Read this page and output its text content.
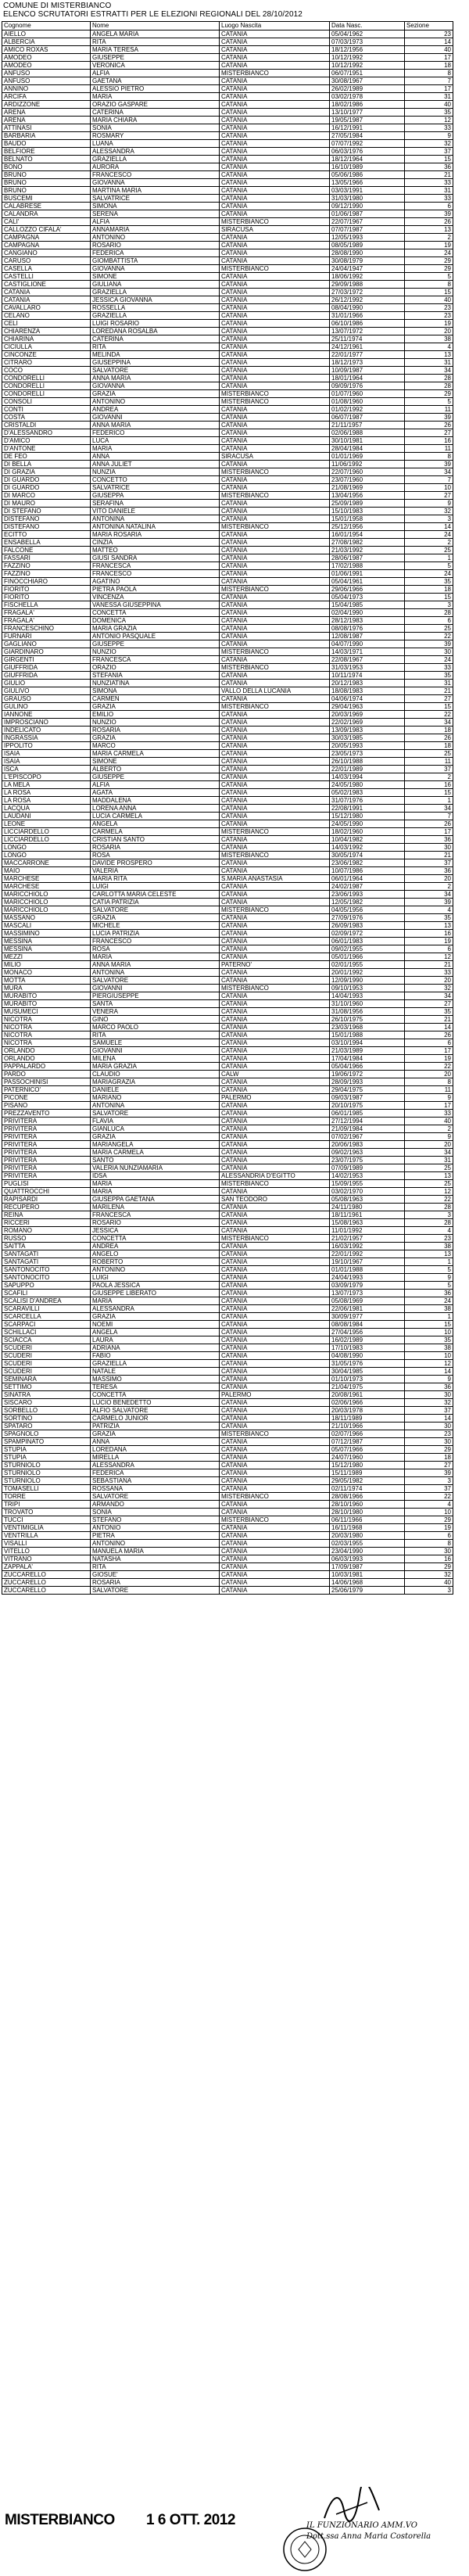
COMUNE DI MISTERBIANCO
ELENCO SCRUTATORI ESTRATTI PER LE ELEZIONI REGIONALI DEL 28/10/2012
Cognome	Nome	Luogo Nascita	Data Nasc.	Sezione
AIELLO	ANGELA MARIA	CATANIA	05/04/1962	23
ALBERCIA	RITA	CATANIA	07/03/1973	14
AMICO ROXAS	MARIA TERESA	CATANIA	18/12/1956	40
AMODEO	GIUSEPPE	CATANIA	10/12/1992	17
AMODEO	VERONICA	CATANIA	10/12/1992	18
ANFUSO	ALFIA	MISTERBIANCO	06/07/1951	8
ANFUSO	GAETANA	CATANIA	30/08/1967	7
ANNINO	ALESSIO PIETRO	CATANIA	26/02/1989	17
ARCIFA	MARIA	CATANIA	03/02/1978	31
ARDIZZONE	ORAZIO GASPARE	CATANIA	18/02/1986	40
ARENA	CATERINA	CATANIA	13/10/1977	35
ARENA	MARIA CHIARA	CATANIA	19/05/1987	12
ATTINASI	SONIA	CATANIA	16/12/1991	33
BARBARIA	ROSMARY	CATANIA	27/05/1984	9
BAUDO	LUANA	CATANIA	07/07/1992	32
BELFIORE	ALESSANDRA	CATANIA	06/03/1976	37
BELNATO	GRAZIELLA	CATANIA	18/12/1964	15
BONO	AURORA	CATANIA	16/10/1989	36
BRUNO	FRANCESCO	CATANIA	05/06/1986	21
BRUNO	GIOVANNA	CATANIA	13/05/1966	33
BRUNO	MARTINA MARIA	CATANIA	03/03/1991	31
BUSCEMI	SALVATRICE	CATANIA	31/03/1980	33
CALABRESE	SIMONA	CATANIA	09/12/1990	6
CALANDRA	SERENA	CATANIA	01/06/1987	39
CALI'	ALFIA	MISTERBIANCO	22/07/1967	26
CALLOZZO CIFALA'	ANNAMARIA	SIRACUSA	07/07/1987	13
CAMPAGNA	ANTONINO	CATANIA	12/05/1993	2
CAMPAGNA	ROSARIO	CATANIA	08/05/1989	19
CANGIANO	FEDERICA	CATANIA	28/08/1990	24
CARUSO	GIOMBATTISTA	CATANIA	30/08/1979	29
CASELLA	GIOVANNA	MISTERBIANCO	24/04/1947	29
CASTELLI	SIMONE	CATANIA	18/06/1992	5
CASTIGLIONE	GIULIANA	CATANIA	29/09/1988	8
CATANIA	GRAZIELLA	CATANIA	27/03/1972	15
CATANIA	JESSICA GIOVANNA	CATANIA	26/12/1992	40
CAVALLARO	ROSSELLA	CATANIA	08/04/1990	23
CELANO	GRAZIELLA	CATANIA	31/01/1966	23
CELI	LUIGI ROSARIO	CATANIA	06/10/1986	19
CHIARENZA	LOREDANA ROSALBA	CATANIA	13/07/1972	20
CHIARINA	CATERINA	CATANIA	25/11/1974	38
CICIULLA	RITA	CATANIA	24/12/1961	4
CINCONZE	MELINDA	CATANIA	22/01/1977	13
CITRARO	GIUSEPPINA	CATANIA	18/12/1973	31
COCO	SALVATORE	CATANIA	10/09/1987	34
CONDORELLI	ANNA MARIA	CATANIA	18/01/1964	28
CONDORELLI	GIOVANNA	CATANIA	09/09/1976	28
CONDORELLI	GRAZIA	MISTERBIANCO	01/07/1960	29
CONSOLI	ANTONINO	MISTERBIANCO	01/08/1960	5
CONTI	ANDREA	CATANIA	01/02/1992	11
COSTA	GIOVANNI	CATANIA	06/07/1987	39
CRISTALDI	ANNA MARIA	CATANIA	21/11/1957	26
D'ALESSANDRO	FEDERICO	CATANIA	02/06/1988	27
D'AMICO	LUCA	CATANIA	30/10/1981	16
D'ANTONE	MARIA	CATANIA	28/04/1984	11
DE FEO	ANNA	SIRACUSA	01/01/1969	8
DI BELLA	ANNA JULIET	CATANIA	11/06/1992	39
DI GRAZIA	NUNZIA	MISTERBIANCO	22/07/1960	34
DI GUARDO	CONCETTO	CATANIA	23/07/1960	7
DI GUARDO	SALVATRICE	CATANIA	21/08/1969	10
DI MARCO	GIUSEPPA	MISTERBIANCO	13/04/1956	27
DI MAURO	SERAFINA	CATANIA	25/09/1989	9
DI STEFANO	VITO DANIELE	CATANIA	15/10/1983	32
DISTEFANO	ANTONINA	CATANIA	15/01/1958	3
DISTEFANO	ANTONINA NATALINA	MISTERBIANCO	25/12/1956	14
ECITTO	MARIA ROSARIA	CATANIA	16/01/1954	24
ENSABELLA	CINZIA	CATANIA	27/08/1982	2
FALCONE	MATTEO	CATANIA	21/03/1992	25
FASSARI	GIUSI SANDRA	CATANIA	28/06/1987	1
FAZZINO	FRANCESCA	CATANIA	17/02/1988	5
FAZZINO	FRANCESCO	CATANIA	01/06/1991	24
FINOCCHIARO	AGATINO	CATANIA	05/04/1961	35
FIORITO	PIETRA PAOLA	MISTERBIANCO	29/06/1966	18
FIORITO	VINCENZA	CATANIA	05/04/1973	15
FISCHELLA	VANESSA GIUSEPPINA	CATANIA	15/04/1985	3
FRAGALA'	CONCETTA	CATANIA	02/04/1990	28
FRAGALA'	DOMENICA	CATANIA	28/12/1983	6
FRANCESCHINO	MARIA GRAZIA	CATANIA	08/08/1976	25
FURNARI	ANTONIO PASQUALE	CATANIA	12/08/1987	22
GAGLIANO	GIUSEPPE	CATANIA	04/07/1990	39
GIARDINARO	NUNZIO	MISTERBIANCO	14/03/1971	30
GIRGENTI	FRANCESCA	CATANIA	22/08/1967	24
GIUFFRIDA	ORAZIO	MISTERBIANCO	31/03/1953	33
GIUFFRIDA	STEFANIA	CATANIA	10/11/1974	35
GIULIO	NUNZIATINA	CATANIA	20/12/1983	31
GIULIVO	SIMONA	VALLO DELLA LUCANIA	18/08/1983	21
GRAUSO	CARMEN	CATANIA	04/06/1974	27
GULINO	GRAZIA	MISTERBIANCO	29/04/1963	15
IANNONE	EMILIO	CATANIA	20/03/1969	22
IMPROSCIANO	NUNZIO	CATANIA	22/02/1969	34
INDELICATO	ROSARIA	CATANIA	13/09/1983	18
INGRASSIA	GRAZIA	CATANIA	30/03/1985	26
IPPOLITO	MARCO	CATANIA	20/05/1993	18
ISAIA	MARIA CARMELA	CATANIA	23/05/1973	25
ISAIA	SIMONE	CATANIA	26/10/1988	11
ISCA	ALBERTO	CATANIA	22/01/1989	37
L'EPISCOPO	GIUSEPPE	CATANIA	14/03/1994	2
LA MELA	ALFIA	CATANIA	24/05/1980	16
LA ROSA	AGATA	CATANIA	05/02/1983	15
LA ROSA	MADDALENA	CATANIA	31/07/1976	1
LACQUA	LORENA ANNA	CATANIA	22/08/1991	34
LAUDANI	LUCIA CARMELA	CATANIA	15/12/1980	7
LEONE	ANGELA	CATANIA	24/05/1990	26
LICCIARDELLO	CARMELA	MISTERBIANCO	18/02/1960	17
LICCIARDELLO	CRISTIAN SANTO	CATANIA	10/04/1982	36
LONGO	ROSARIA	CATANIA	14/03/1992	30
LONGO	ROSA	MISTERBIANCO	30/05/1974	21
MACCARRONE	DAVIDE PROSPERO	CATANIA	23/06/1982	37
MAIO	VALERIA	CATANIA	10/07/1986	36
MARCHESE	MARIA RITA	S.MARIA ANASTASIA	06/01/1964	20
MARCHESE	LUIGI	CATANIA	24/02/1987	2
MARICCHIOLO	CARLOTTA MARIA CELESTE	CATANIA	23/06/1993	34
MARICCHIOLO	CATIA PATRIZIA	CATANIA	12/05/1982	39
MARICCHIOLO	SALVATORE	MISTERBIANCO	04/05/1956	4
MASSANO	GRAZIA	CATANIA	27/09/1976	35
MASCALI	MICHELE	CATANIA	26/09/1983	13
MASSIMINO	LUCIA PATRIZIA	CATANIA	02/09/1972	16
MESSINA	FRANCESCO	CATANIA	06/01/1983	19
MESSINA	ROSA	CATANIA	09/02/1955	6
MEZZI	MARIA	CATANIA	05/01/1966	12
MILIO	ANNA MARIA	PATERNO'	02/01/1955	21
MONACO	ANTONINA	CATANIA	20/01/1992	33
MOTTA	SALVATORE	CATANIA	12/09/1990	20
MURA	GIOVANNI	MISTERBIANCO	09/10/1953	32
MURABITO	PIERGIUSEPPE	CATANIA	14/04/1993	34
MURABITO	SANTA	CATANIA	31/10/1960	27
MUSUMECI	VENERA	CATANIA	31/08/1956	35
NICOTRA	GINO	CATANIA	26/10/1975	21
NICOTRA	MARCO PAOLO	CATANIA	23/03/1968	14
NICOTRA	RITA	CATANIA	15/01/1988	26
NICOTRA	SAMUELE	CATANIA	03/10/1994	6
ORLANDO	GIOVANNI	CATANIA	21/03/1989	17
ORLANDO	MILENA	CATANIA	17/04/1984	19
PAPPALARDO	MARIA GRAZIA	CATANIA	05/04/1966	22
PARDO	CLAUDIO	CALW	19/06/1972	20
PASSOCHINISI	MARIAGRAZIA	CATANIA	28/09/1993	8
PATERNICO'	DANIELE	CATANIA	29/04/1975	11
PICONE	MARIANO	PALERMO	09/03/1987	9
PISANO	ANTONINA	CATANIA	20/10/1975	17
PREZZAVENTO	SALVATORE	CATANIA	06/01/1985	33
PRIVITERA	FLAVIA	CATANIA	27/12/1994	40
PRIVITERA	GIANLUCA	CATANIA	21/09/1984	2
PRIVITERA	GRAZIA	CATANIA	07/02/1967	9
PRIVITERA	MARIANGELA	CATANIA	20/06/1983	20
PRIVITERA	MARIA CARMELA	CATANIA	09/02/1963	34
PRIVITERA	SANTO	CATANIA	23/07/1975	31
PRIVITERA	VALERIA NUNZIAMARIA	CATANIA	07/09/1989	25
PRIVITERA	IDSA	ALESSANDRIA D'EGITTO	14/02/1953	13
PUGLISI	MARIA	MISTERBIANCO	15/09/1955	25
QUATTROCCHI	MARIA	CATANIA	03/02/1970	12
RAPISARDI	GIUSEPPA GAETANA	SAN TEODORO	05/08/1963	22
RECUPERO	MARILENA	CATANIA	24/11/1980	28
REINA	FRANCESCA	CATANIA	18/11/1961	3
RICCERI	ROSARIO	CATANIA	15/08/1963	28
ROMANO	JESSICA	CATANIA	11/01/1992	4
RUSSO	CONCETTA	MISTERBIANCO	21/02/1957	23
SAITTA	ANDREA	CATANIA	16/03/1992	38
SANTAGATI	ANGELO	CATANIA	22/01/1992	13
SANTAGATI	ROBERTO	CATANIA	19/10/1967	1
SANTONOCITO	ANTONINO	CATANIA	01/01/1988	5
SANTONOCITO	LUIGI	CATANIA	24/04/1993	9
SAPUPPO	PAOLA JESSICA	CATANIA	03/09/1979	5
SCAFILI	GIUSEPPE LIBERATO	CATANIA	13/07/1973	36
SCALISI D'ANDREA	MARIA	CATANIA	05/08/1969	24
SCARAVILLI	ALESSANDRA	CATANIA	22/06/1981	38
SCARCELLA	GRAZIA	CATANIA	30/09/1977	1
SCARPACI	NOEMI	CATANIA	08/08/1984	15
SCHILLACI	ANGELA	CATANIA	27/04/1956	10
SCIACCA	LAURA	CATANIA	16/02/1989	35
SCUDERI	ADRIANA	CATANIA	17/10/1983	38
SCUDERI	FABIO	CATANIA	04/08/1990	10
SCUDERI	GRAZIELLA	CATANIA	31/05/1976	12
SCUDERI	NATALE	CATANIA	30/04/1985	14
SEMINARA	MASSIMO	CATANIA	01/10/1973	9
SETTIMO	TERESA	CATANIA	21/04/1975	36
SINATRA	CONCETTA	PALERMO	20/08/1961	30
SISCARO	LUCIO BENEDETTO	CATANIA	02/06/1966	32
SORBELLO	ALFIO SALVATORE	CATANIA	20/03/1978	37
SORTINO	CARMELO JUNIOR	CATANIA	18/11/1989	14
SPATARO	PATRIZIA	CATANIA	21/10/1966	30
SPAGNOLO	GRAZIA	MISTERBIANCO	02/07/1966	23
SPAMPINATO	ANNA	CATANIA	07/12/1987	30
STUPIA	LOREDANA	CATANIA	05/07/1966	29
STUPIA	MIRELLA	CATANIA	24/07/1960	18
STURNIOLO	ALESSANDRA	CATANIA	15/12/1980	27
STURNIOLO	FEDERICA	CATANIA	15/11/1989	39
STURNIOLO	SEBASTIANA	CATANIA	29/05/1982	3
TOMASELLI	ROSSANA	CATANIA	02/11/1974	37
TORRE	SALVATORE	MISTERBIANCO	28/08/1966	22
TRIPI	ARMANDO	CATANIA	28/10/1960	4
TROVATO	SONIA	CATANIA	28/10/1980	10
TUCCI	STEFANO	MISTERBIANCO	06/11/1966	29
VENTIMIGLIA	ANTONIO	CATANIA	16/11/1968	19
VENTRILLA	PIETRA	CATANIA	20/03/1980	6
VISALLI	ANTONINO	CATANIA	02/03/1955	8
VITELLO	MANUELA MARIA	CATANIA	23/04/1990	30
VITRANO	NATASHA	CATANIA	06/03/1993	16
ZAPPALA'	RITA	CATANIA	17/09/1987	29
ZUCCARELLO	GIOSUE'	CATANIA	10/03/1981	32
ZUCCARELLO	ROSARIA	CATANIA	14/06/1968	40
ZUCCARELLO	SALVATORE	CATANIA	25/06/1979	3
MISTERBIANCO 1 6 OTT. 2012	IL FUNZIONARIO AMM.VO
Dott.ssa Anna Maria Costorella
